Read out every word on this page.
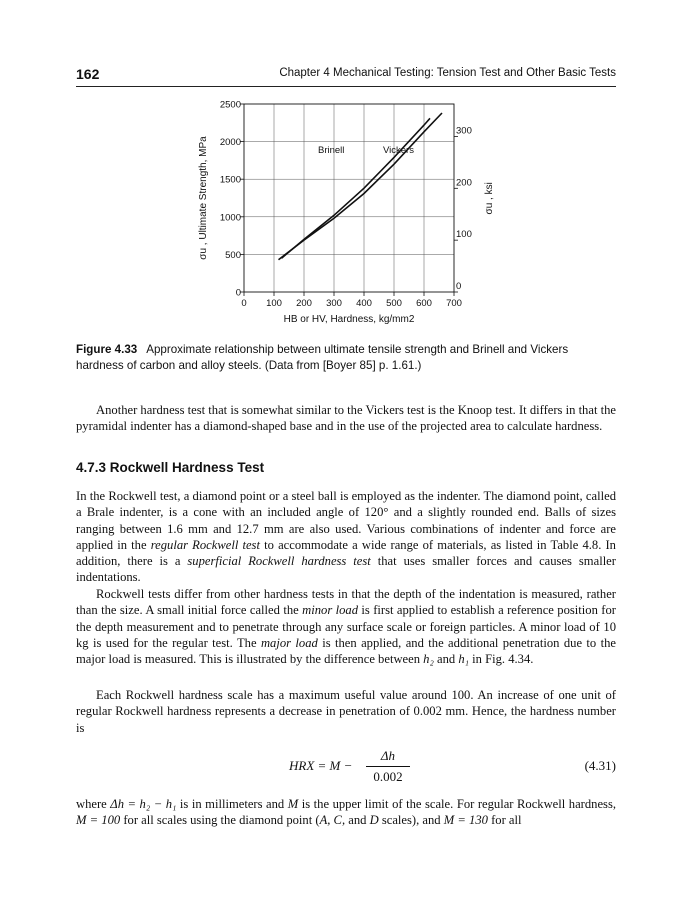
162	Chapter 4 Mechanical Testing: Tension Test and Other Basic Tests
0 100 200 300 400 500 600 700
0
500
1000
1500
2000
2500
0
100
200
300
HB or HV, Hardness, kg/mm2
σu , Ultimate Strength, MPa	σu , ksi
Brinell	Vickers
Figure 4.33 Approximate relationship between ultimate tensile strength and Brinell and Vickers hardness of carbon and alloy steels. (Data from [Boyer 85] p. 1.61.)

Another hardness test that is somewhat similar to the Vickers test is the Knoop test. It differs in that the pyramidal indenter has a diamond-shaped base and in the use of the projected area to calculate hardness.

4.7.3 Rockwell Hardness Test

In the Rockwell test, a diamond point or a steel ball is employed as the indenter. The diamond point, called a Brale indenter, is a cone with an included angle of 120° and a slightly rounded end. Balls of sizes ranging between 1.6 mm and 12.7 mm are also used. Various combinations of indenter and force are applied in the regular Rockwell test to accommodate a wide range of materials, as listed in Table 4.8. In addition, there is a superficial Rockwell hardness test that uses smaller forces and causes smaller indentations.

Rockwell tests differ from other hardness tests in that the depth of the indentation is measured, rather than the size. A small initial force called the minor load is first applied to establish a reference position for the depth measurement and to penetrate through any surface scale or foreign particles. A minor load of 10 kg is used for the regular test. The major load is then applied, and the additional penetration due to the major load is measured. This is illustrated by the difference between h₂ and h₁ in Fig. 4.34.

Each Rockwell hardness scale has a maximum useful value around 100. An increase of one unit of regular Rockwell hardness represents a decrease in penetration of 0.002 mm. Hence, the hardness number is

HRX = M −
Δh
0.002
(4.31)

where Δh = h₂ − h₁ is in millimeters and M is the upper limit of the scale. For regular Rockwell hardness, M = 100 for all scales using the diamond point (A, C, and D scales), and M = 130 for all
